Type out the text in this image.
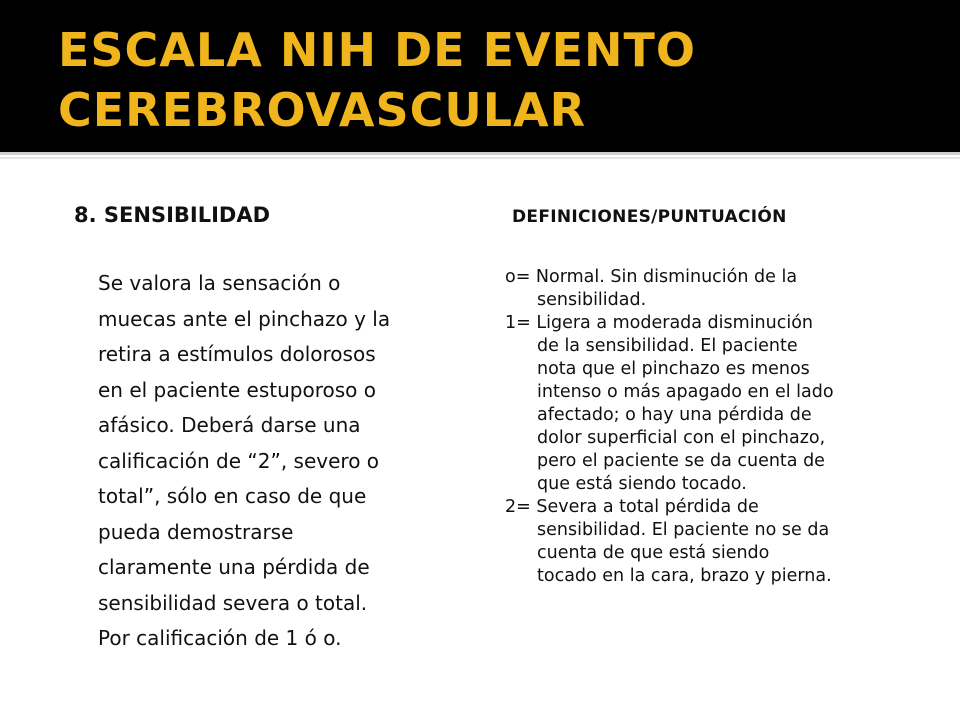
ESCALA NIH DE EVENTO
CEREBROVASCULAR
8. SENSIBILIDAD

Se valora la sensación o
muecas ante el pinchazo y la
retira a estímulos dolorosos
en el paciente estuporoso o
afásico. Deberá darse una
calificación de “2”, severo o
total”, sólo en caso de que
pueda demostrarse
claramente una pérdida de
sensibilidad severa o total.
Por calificación de 1 ó o.

DEFINICIONES/PUNTUACIÓN
o= Normal. Sin disminución de la
sensibilidad.
1= Ligera a moderada disminución
de la sensibilidad. El paciente
nota que el pinchazo es menos
intenso o más apagado en el lado
afectado; o hay una pérdida de
dolor superficial con el pinchazo,
pero el paciente se da cuenta de
que está siendo tocado.
2= Severa a total pérdida de
sensibilidad. El paciente no se da
cuenta de que está siendo
tocado en la cara, brazo y pierna.
